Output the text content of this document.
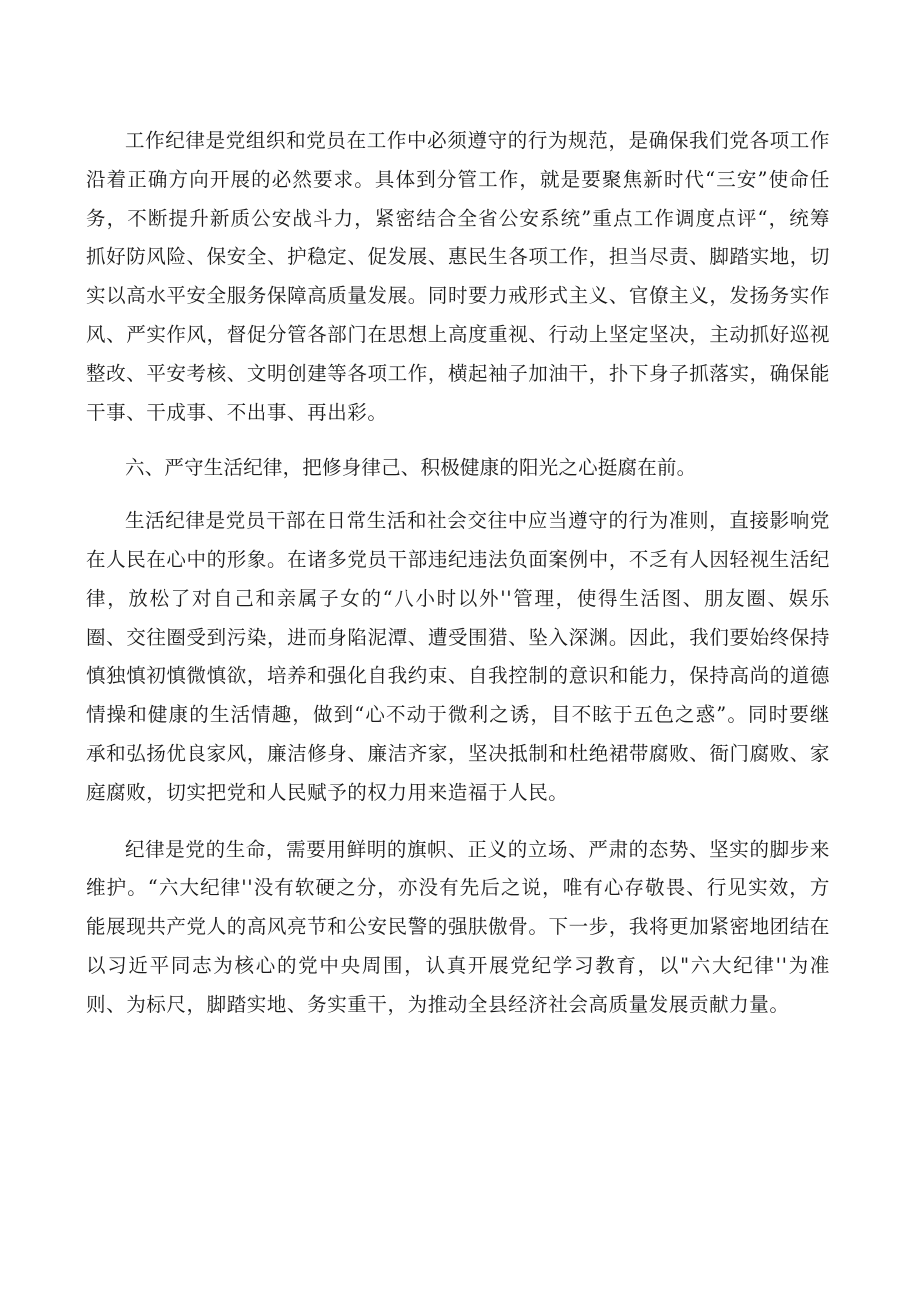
工作纪律是党组织和党员在工作中必须遵守的行为规范，是确保我们党各项工作沿着正确方向开展的必然要求。具体到分管工作，就是要聚焦新时代“三安”使命任务，不断提升新质公安战斗力，紧密结合全省公安系统”重点工作调度点评“，统筹抓好防风险、保安全、护稳定、促发展、惠民生各项工作，担当尽责、脚踏实地，切实以高水平安全服务保障高质量发展。同时要力戒形式主义、官僚主义，发扬务实作风、严实作风，督促分管各部门在思想上高度重视、行动上坚定坚决，主动抓好巡视整改、平安考核、文明创建等各项工作，横起袖子加油干，扑下身子抓落实，确保能干事、干成事、不出事、再出彩。

六、严守生活纪律，把修身律己、积极健康的阳光之心挺腐在前。

生活纪律是党员干部在日常生活和社会交往中应当遵守的行为准则，直接影响党在人民在心中的形象。在诸多党员干部违纪违法负面案例中，不乏有人因轻视生活纪律，放松了对自己和亲属子女的“八小时以外''管理，使得生活图、朋友圈、娱乐圈、交往圈受到污染，进而身陷泥潭、遭受围猎、坠入深渊。因此，我们要始终保持慎独慎初慎微慎欲，培养和强化自我约束、自我控制的意识和能力，保持高尚的道德情操和健康的生活情趣，做到“心不动于微利之诱，目不眩于五色之惑”。同时要继承和弘扬优良家风，廉洁修身、廉洁齐家，坚决抵制和杜绝裙带腐败、衙门腐败、家庭腐败，切实把党和人民赋予的权力用来造福于人民。

纪律是党的生命，需要用鲜明的旗帜、正义的立场、严肃的态势、坚实的脚步来维护。“六大纪律''没有软硬之分，亦没有先后之说，唯有心存敬畏、行见实效，方能展现共产党人的高风亮节和公安民警的强肤傲骨。下一步，我将更加紧密地团结在以习近平同志为核心的党中央周围，认真开展党纪学习教育，以"六大纪律''为准则、为标尺，脚踏实地、务实重干，为推动全县经济社会高质量发展贡献力量。
